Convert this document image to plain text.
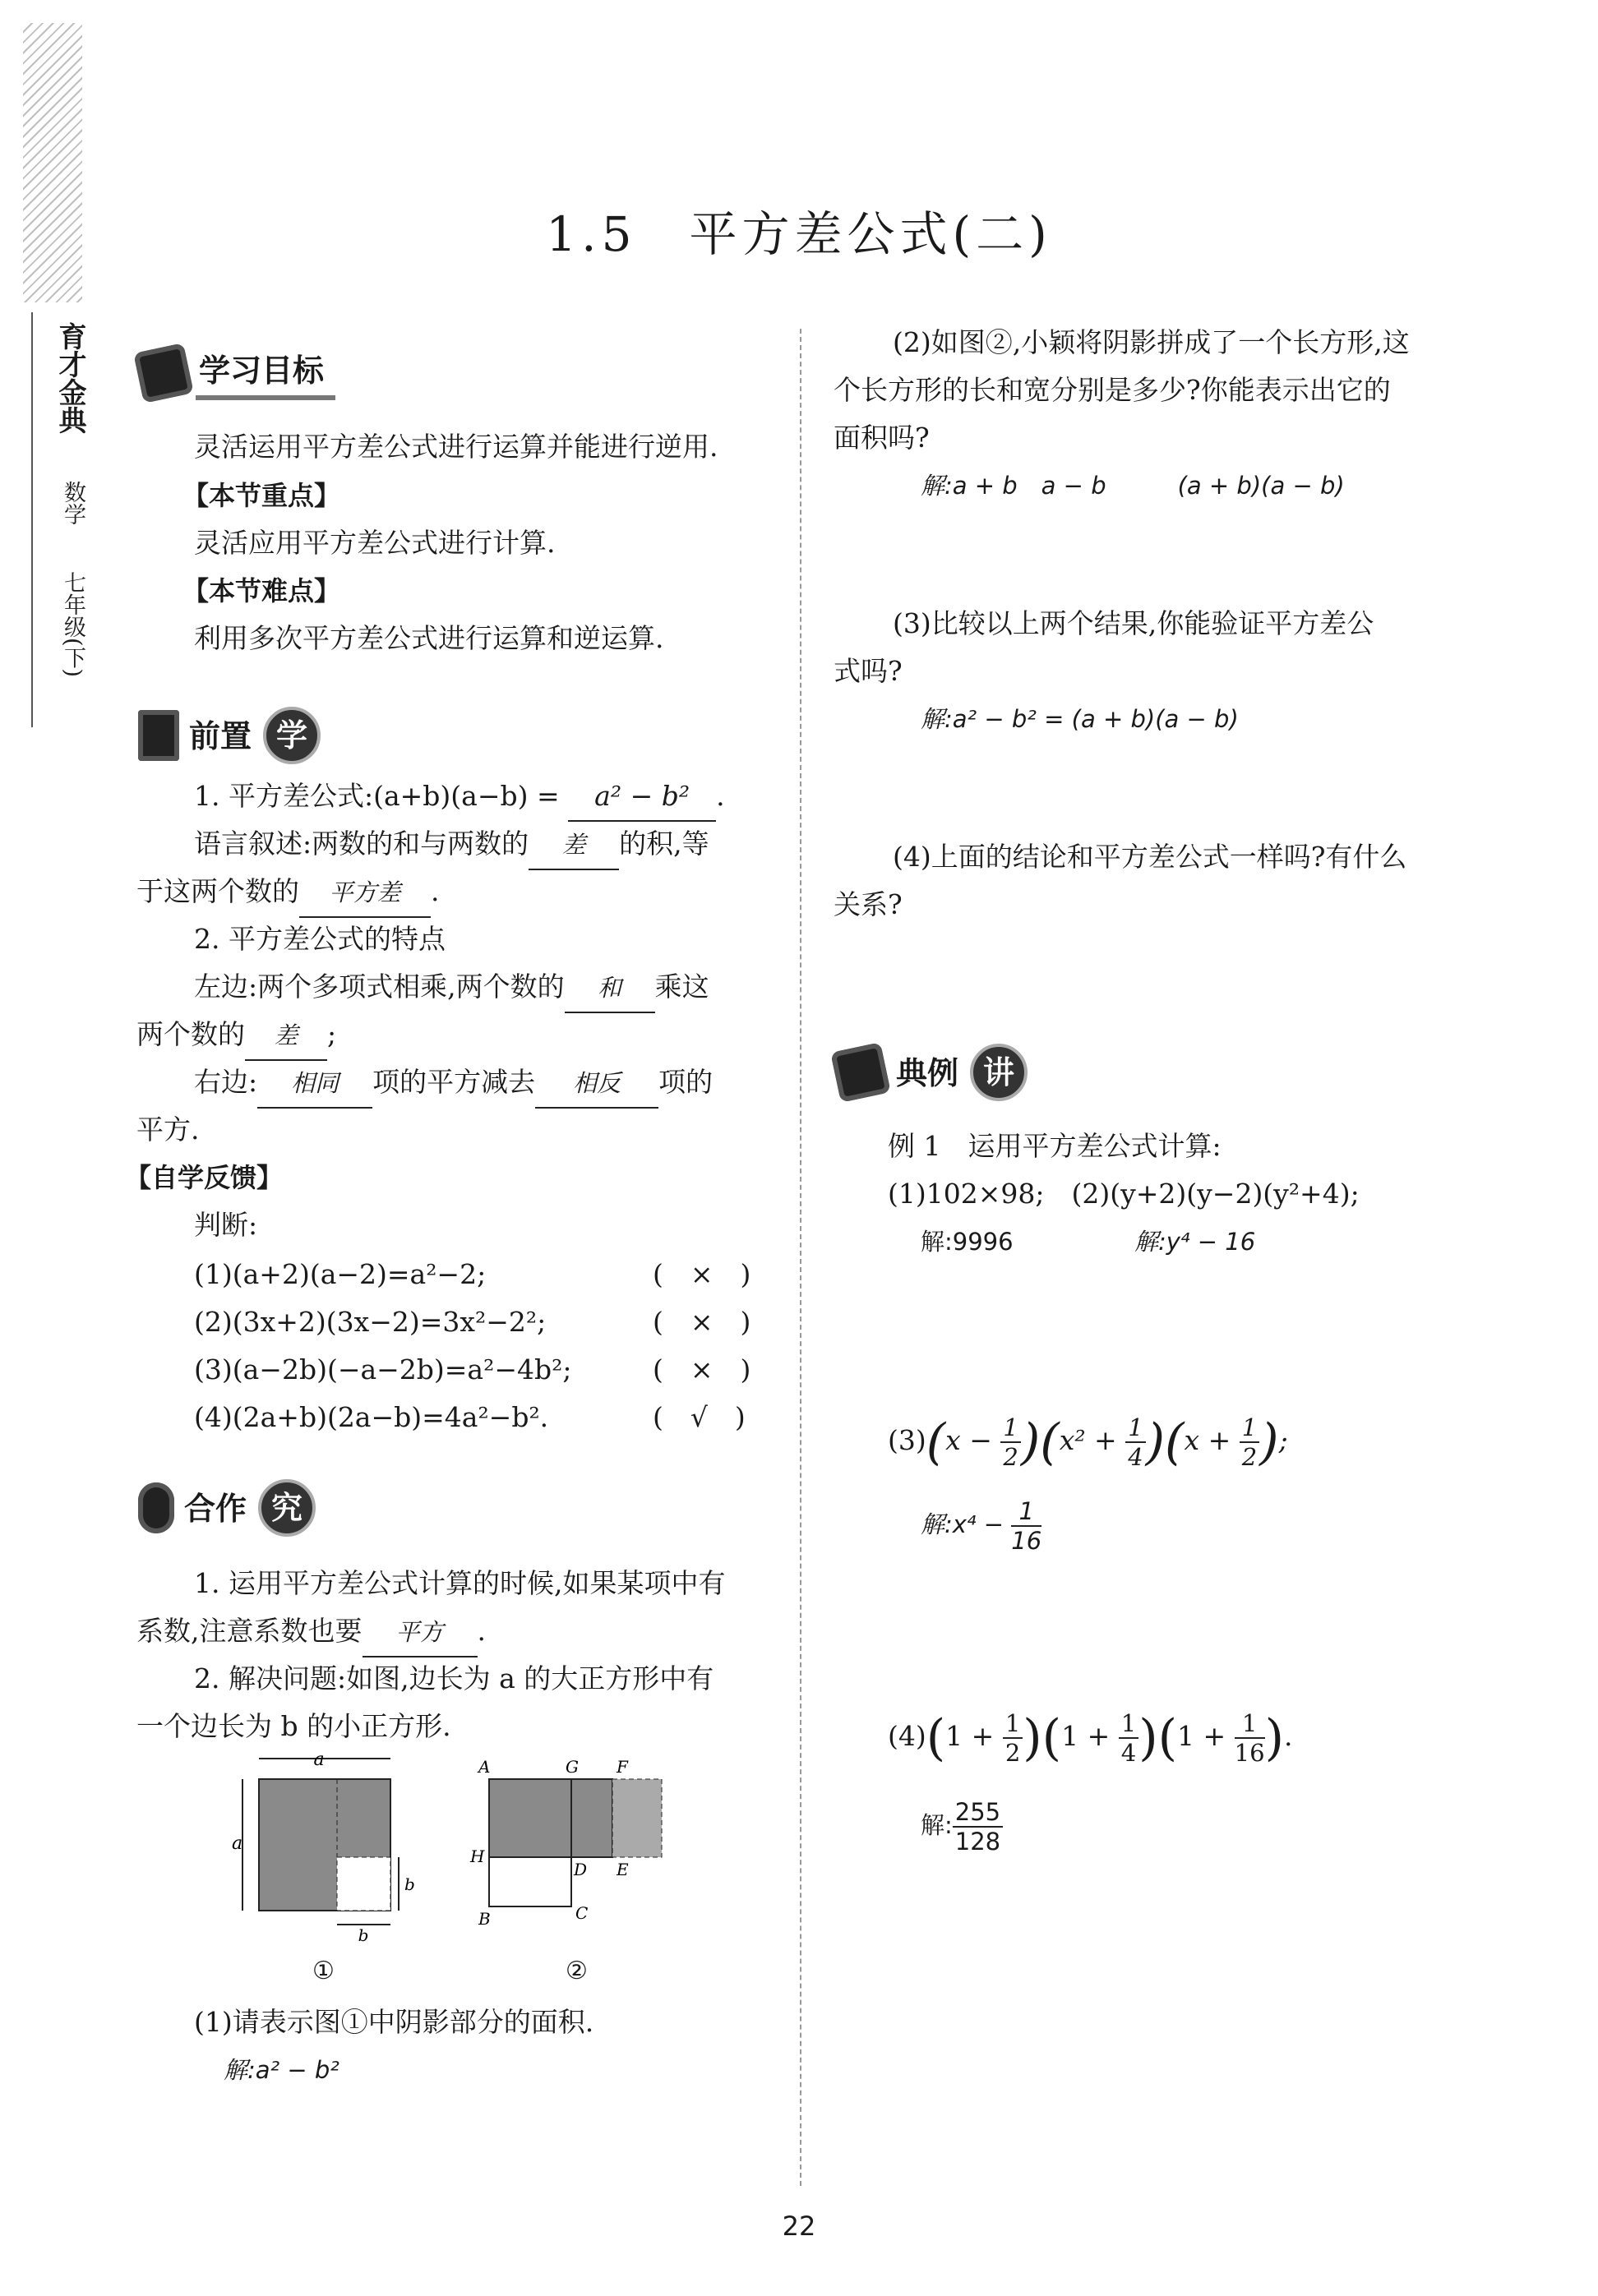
育才金典
数学
七年级(下)
1.5　平方差公式(二)
学习目标
灵活运用平方差公式进行运算并能进行逆用.
【本节重点】
灵活应用平方差公式进行计算.
【本节难点】
利用多次平方差公式进行运算和逆运算.
前置 学
1. 平方差公式:(a+b)(a−b) = a² − b² .
语言叙述:两数的和与两数的 差 的积,等
于这两个数的 平方差 .
2. 平方差公式的特点
左边:两个多项式相乘,两个数的 和 乘这
两个数的 差 ;
右边: 相同 项的平方减去 相反 项的
平方.
【自学反馈】
判断:
(1)(a+2)(a−2)=a²−2;	(　×　)
(2)(3x+2)(3x−2)=3x²−2²;	(　×　)
(3)(a−2b)(−a−2b)=a²−4b²;	(　×　)
(4)(2a+b)(2a−b)=4a²−b².	(　√　)
合作 究
1. 运用平方差公式计算的时候,如果某项中有
系数,注意系数也要 平方 .
2. 解决问题:如图,边长为 a 的大正方形中有
一个边长为 b 的小正方形.
a
a
b
b
A	G F
H
D E
B	C
①	②
(1)请表示图①中阴影部分的面积.
解:a² − b²
(2)如图②,小颖将阴影拼成了一个长方形,这
个长方形的长和宽分别是多少?你能表示出它的
面积吗?
解:a + b　a − b　　　(a + b)(a − b)
(3)比较以上两个结果,你能验证平方差公
式吗?
解:a² − b² = (a + b)(a − b)
(4)上面的结论和平方差公式一样吗?有什么
关系?
典例 讲
例 1　运用平方差公式计算:
(1)102×98;　(2)(y+2)(y−2)(y²+4);
解:9996	解:y⁴ − 16
$(3)(x - \frac{1}{2} )(x^2 + \frac{1}{4} )(x + \frac{1}{2}$ );
解:x⁴ − $\frac{1}{16}$
$(4)(1 + \frac{1}{2} )(1 + \frac{1}{4} )(1 + \frac{1}{16}$ ).
解: $\frac{255}{128}$
22
